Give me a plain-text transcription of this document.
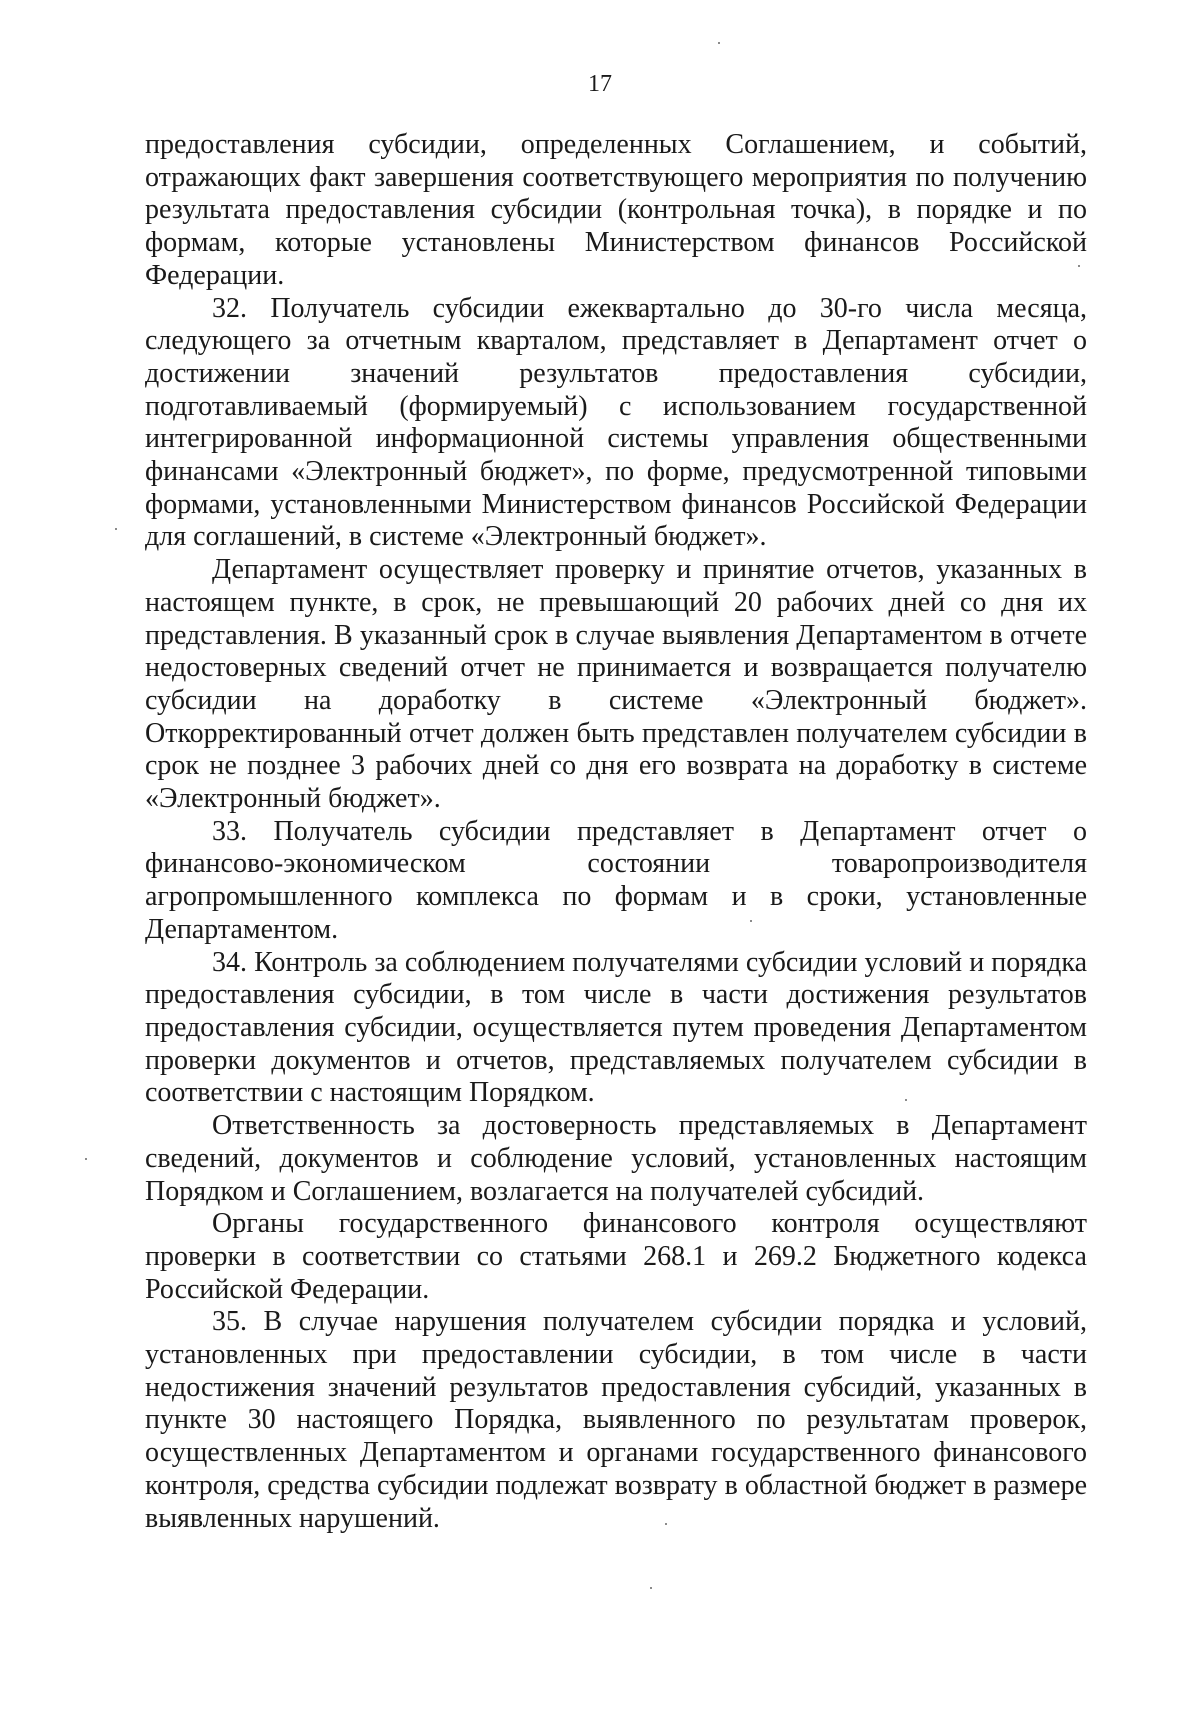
17

предоставления субсидии, определенных Соглашением, и событий, отражающих факт завершения соответствующего мероприятия по получению результата предоставления субсидии (контрольная точка), в порядке и по формам, которые установлены Министерством финансов Российской Федерации.

32. Получатель субсидии ежеквартально до 30-го числа месяца, следующего за отчетным кварталом, представляет в Департамент отчет о достижении значений результатов предоставления субсидии, подготавливаемый (формируемый) с использованием государственной интегрированной информационной системы управления общественными финансами «Электронный бюджет», по форме, предусмотренной типовыми формами, установленными Министерством финансов Российской Федерации для соглашений, в системе «Электронный бюджет».

Департамент осуществляет проверку и принятие отчетов, указанных в настоящем пункте, в срок, не превышающий 20 рабочих дней со дня их представления. В указанный срок в случае выявления Департаментом в отчете недостоверных сведений отчет не принимается и возвращается получателю субсидии на доработку в системе «Электронный бюджет». Откорректированный отчет должен быть представлен получателем субсидии в срок не позднее 3 рабочих дней со дня его возврата на доработку в системе «Электронный бюджет».

33. Получатель субсидии представляет в Департамент отчет о финансово-экономическом состоянии товаропроизводителя агропромышленного комплекса по формам и в сроки, установленные Департаментом.

34. Контроль за соблюдением получателями субсидии условий и порядка предоставления субсидии, в том числе в части достижения результатов предоставления субсидии, осуществляется путем проведения Департаментом проверки документов и отчетов, представляемых получателем субсидии в соответствии с настоящим Порядком.

Ответственность за достоверность представляемых в Департамент сведений, документов и соблюдение условий, установленных настоящим Порядком и Соглашением, возлагается на получателей субсидий.

Органы государственного финансового контроля осуществляют проверки в соответствии со статьями 268.1 и 269.2 Бюджетного кодекса Российской Федерации.

35. В случае нарушения получателем субсидии порядка и условий, установленных при предоставлении субсидии, в том числе в части недостижения значений результатов предоставления субсидий, указанных в пункте 30 настоящего Порядка, выявленного по результатам проверок, осуществленных Департаментом и органами государственного финансового контроля, средства субсидии подлежат возврату в областной бюджет в размере выявленных нарушений.
